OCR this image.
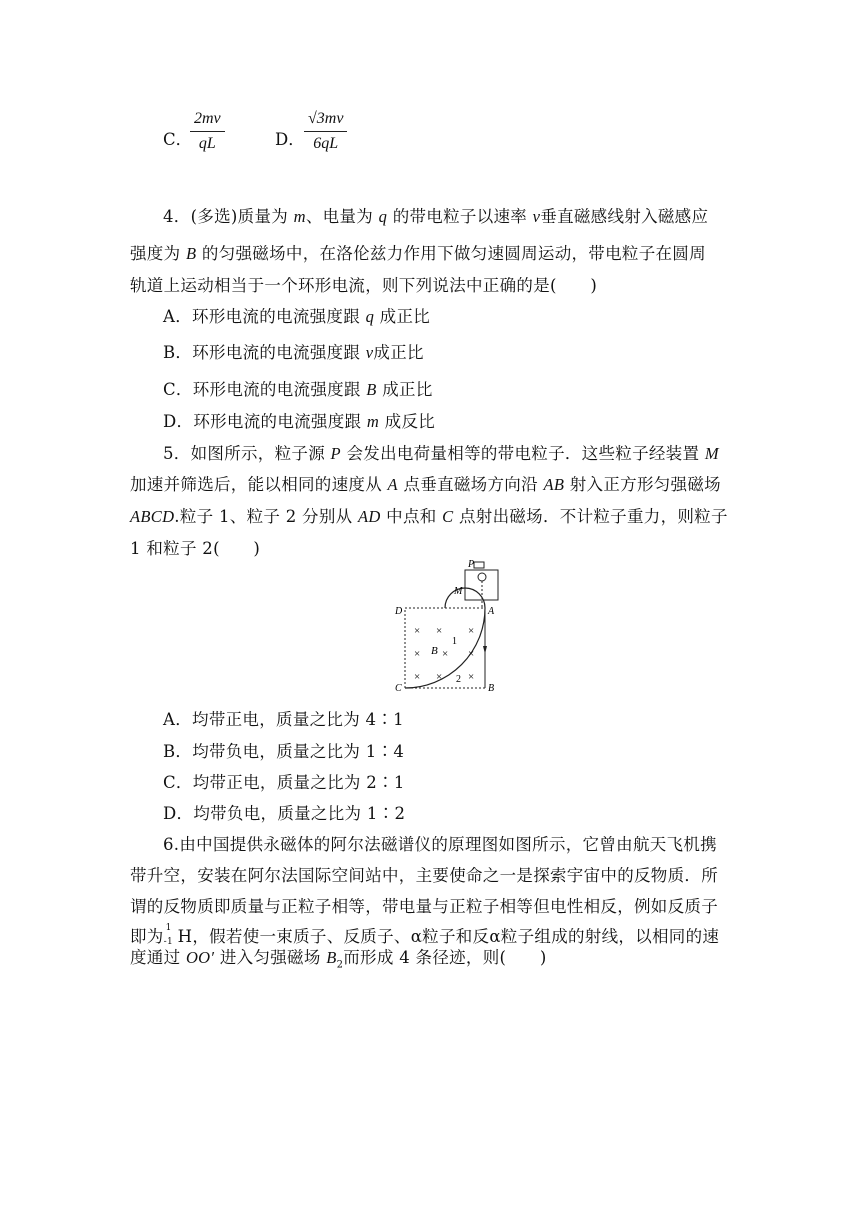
C．
$\frac{2mv}{qL}$	D． $\frac{√3mv}{6qL}$
4．(多选)质量为 m、电量为 q 的带电粒子以速率 v垂直磁感线射入磁感应
强度为 B 的匀强磁场中，在洛伦兹力作用下做匀速圆周运动，带电粒子在圆周
轨道上运动相当于一个环形电流，则下列说法中正确的是(　　)
A．环形电流的电流强度跟 q 成正比
B．环形电流的电流强度跟 v成正比
C．环形电流的电流强度跟 B 成正比
D．环形电流的电流强度跟 m 成反比
5．如图所示，粒子源 P 会发出电荷量相等的带电粒子．这些粒子经装置 M
加速并筛选后，能以相同的速度从 A 点垂直磁场方向沿 AB 射入正方形匀强磁场
ABCD.粒子 1、粒子 2 分别从 AD 中点和 C 点射出磁场．不计粒子重力，则粒子
1 和粒子 2(　　)
P
M
A
B
C
D
B
1
2
× × ×
× × ×
× × ×
A．均带正电，质量之比为 4∶1
B．均带负电，质量之比为 1∶4
C．均带正电，质量之比为 2∶1
D．均带负电，质量之比为 1∶2
6.由中国提供永磁体的阿尔法磁谱仪的原理图如图所示，它曾由航天飞机携
带升空，安装在阿尔法国际空间站中，主要使命之一是探索宇宙中的反物质．所
谓的反物质即质量与正粒子相等，带电量与正粒子相等但电性相反，例如反质子
即为 1
-1 H，假若使一束质子、反质子、α粒子和反α粒子组成的射线，以相同的速
度通过 OO′ 进入匀强磁场 $B_2$而形成 4 条径迹，则(　　)
